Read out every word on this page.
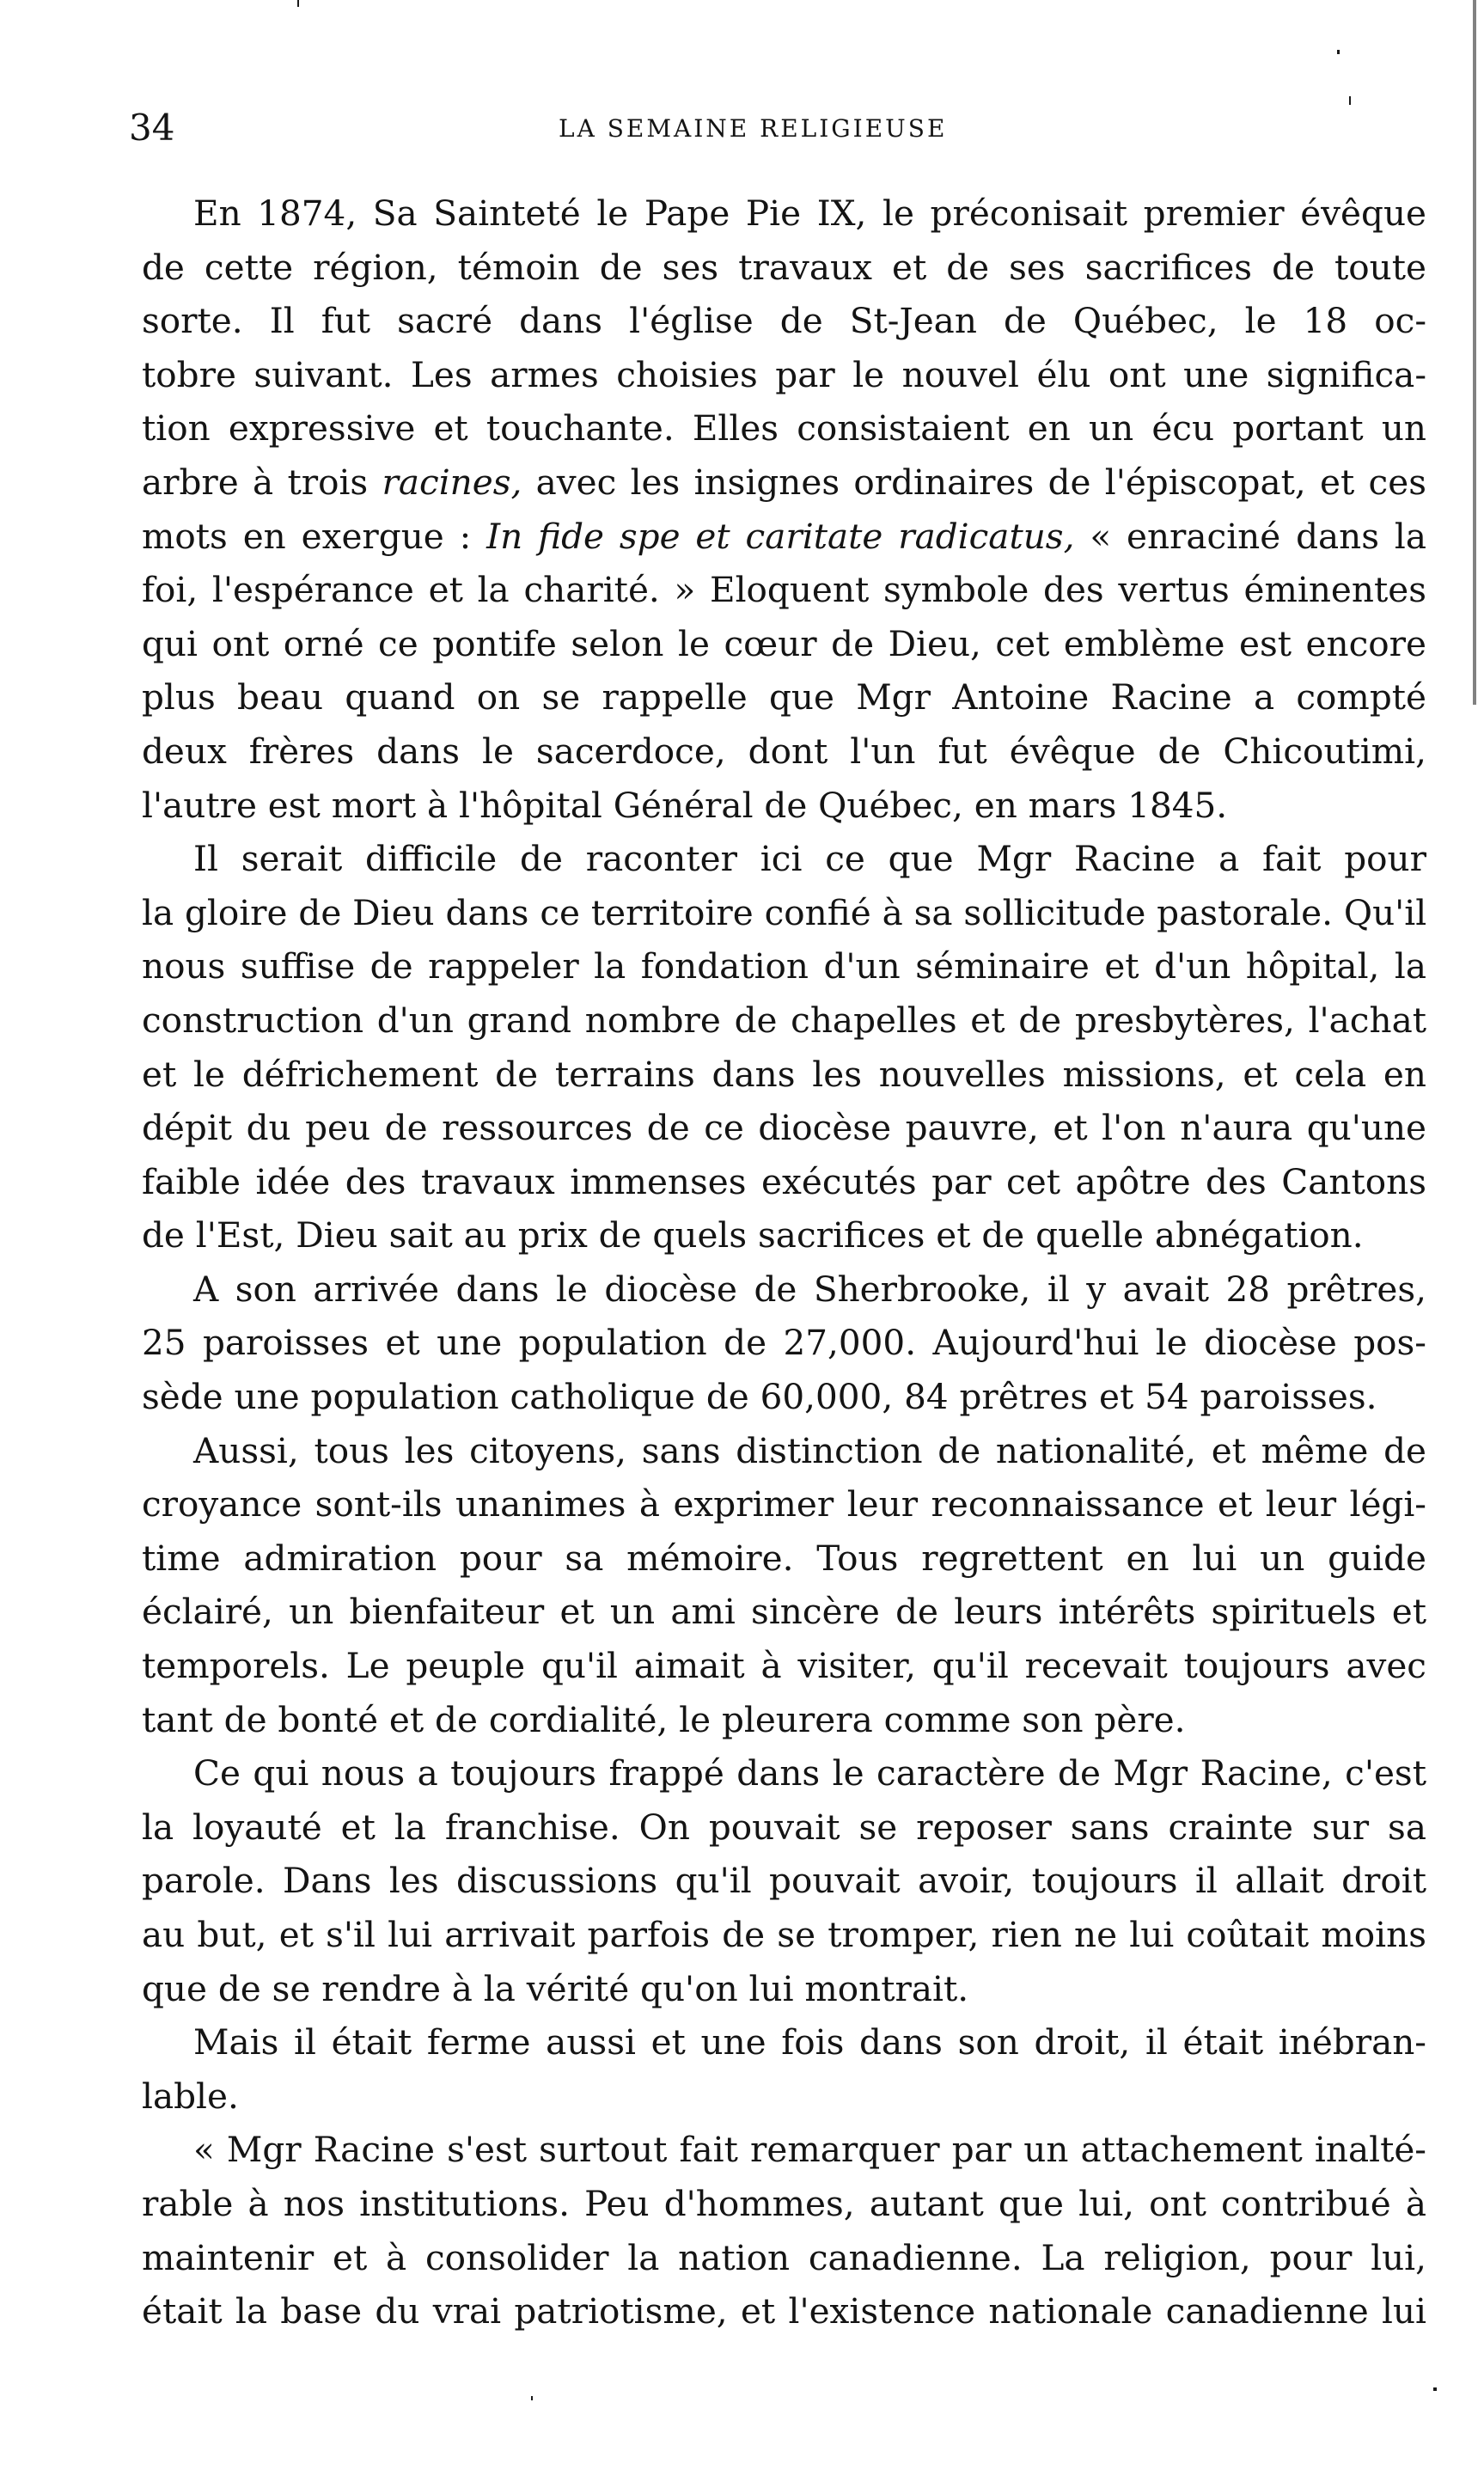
34	LA SEMAINE RELIGIEUSE
En 1874, Sa Sainteté le Pape Pie IX, le préconisait premier évêque
de cette région, témoin de ses travaux et de ses sacrifices de toute
sorte. Il fut sacré dans l'église de St-Jean de Québec, le 18 oc-
tobre suivant. Les armes choisies par le nouvel élu ont une significa-
tion expressive et touchante. Elles consistaient en un écu portant un
arbre à trois racines, avec les insignes ordinaires de l'épiscopat, et ces
mots en exergue : In fide spe et caritate radicatus, « enraciné dans la
foi, l'espérance et la charité. » Eloquent symbole des vertus éminentes
qui ont orné ce pontife selon le cœur de Dieu, cet emblème est encore
plus beau quand on se rappelle que Mgr Antoine Racine a compté
deux frères dans le sacerdoce, dont l'un fut évêque de Chicoutimi,
l'autre est mort à l'hôpital Général de Québec, en mars 1845.
Il serait difficile de raconter ici ce que Mgr Racine a fait pour
la gloire de Dieu dans ce territoire confié à sa sollicitude pastorale. Qu'il
nous suffise de rappeler la fondation d'un séminaire et d'un hôpital, la
construction d'un grand nombre de chapelles et de presbytères, l'achat
et le défrichement de terrains dans les nouvelles missions, et cela en
dépit du peu de ressources de ce diocèse pauvre, et l'on n'aura qu'une
faible idée des travaux immenses exécutés par cet apôtre des Cantons
de l'Est, Dieu sait au prix de quels sacrifices et de quelle abnégation.
A son arrivée dans le diocèse de Sherbrooke, il y avait 28 prêtres,
25 paroisses et une population de 27,000. Aujourd'hui le diocèse pos-
sède une population catholique de 60,000, 84 prêtres et 54 paroisses.
Aussi, tous les citoyens, sans distinction de nationalité, et même de
croyance sont-ils unanimes à exprimer leur reconnaissance et leur légi-
time admiration pour sa mémoire. Tous regrettent en lui un guide
éclairé, un bienfaiteur et un ami sincère de leurs intérêts spirituels et
temporels. Le peuple qu'il aimait à visiter, qu'il recevait toujours avec
tant de bonté et de cordialité, le pleurera comme son père.
Ce qui nous a toujours frappé dans le caractère de Mgr Racine, c'est
la loyauté et la franchise. On pouvait se reposer sans crainte sur sa
parole. Dans les discussions qu'il pouvait avoir, toujours il allait droit
au but, et s'il lui arrivait parfois de se tromper, rien ne lui coûtait moins
que de se rendre à la vérité qu'on lui montrait.
Mais il était ferme aussi et une fois dans son droit, il était inébran-
lable.
« Mgr Racine s'est surtout fait remarquer par un attachement inalté-
rable à nos institutions. Peu d'hommes, autant que lui, ont contribué à
maintenir et à consolider la nation canadienne. La religion, pour lui,
était la base du vrai patriotisme, et l'existence nationale canadienne lui
